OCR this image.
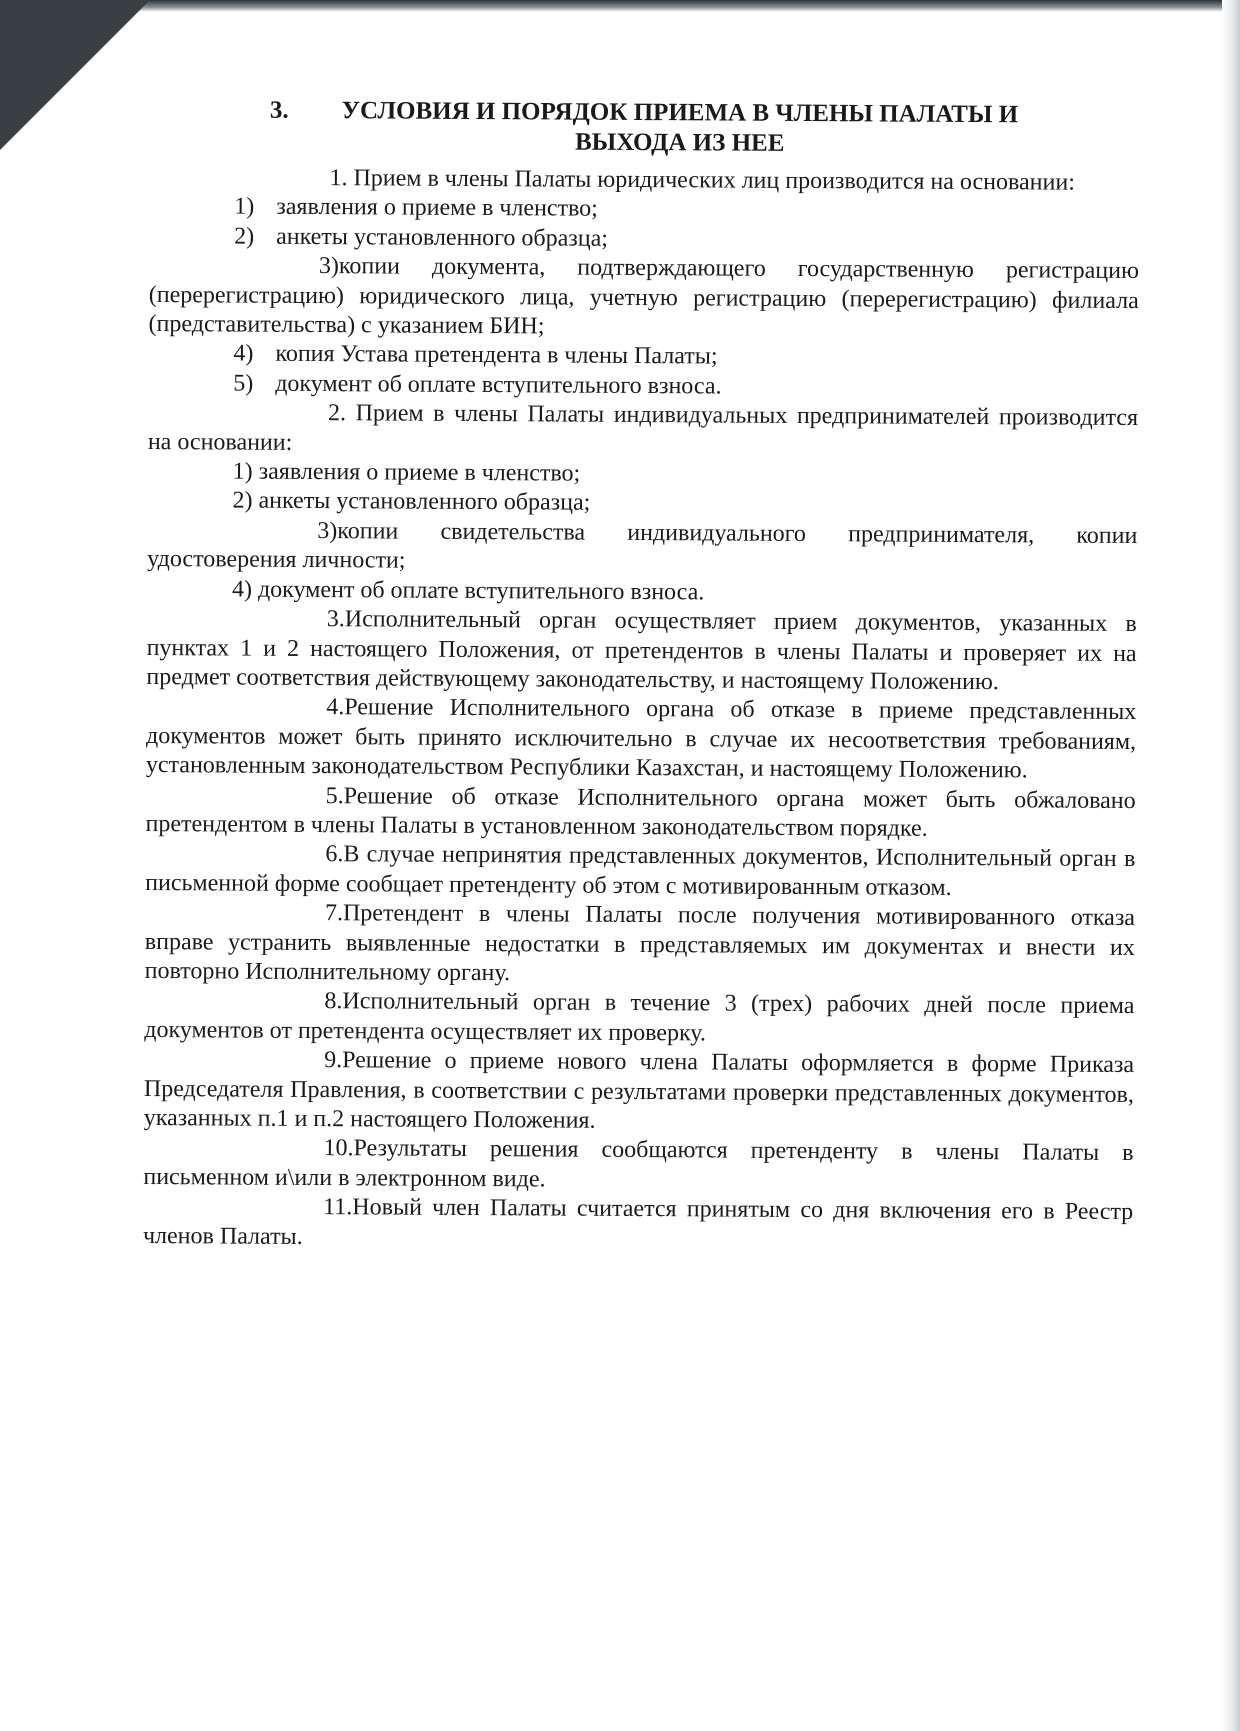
3.	УСЛОВИЯ И ПОРЯДОК ПРИЕМА В ЧЛЕНЫ ПАЛАТЫ И
ВЫХОДА ИЗ НЕЕ

1. Прием в члены Палаты юридических лиц производится на основании:

1) заявления о приеме в членство;

2) анкеты установленного образца;

3)копии документа, подтверждающего государственную регистрацию (перерегистрацию) юридического лица, учетную регистрацию (перерегистрацию) филиала (представительства) с указанием БИН;

4) копия Устава претендента в члены Палаты;

5) документ об оплате вступительного взноса.

2. Прием в члены Палаты индивидуальных предпринимателей производится на основании:

1) заявления о приеме в членство;

2) анкеты установленного образца;

3)копии свидетельства индивидуального предпринимателя, копии удостоверения личности;

4) документ об оплате вступительного взноса.

3.Исполнительный орган осуществляет прием документов, указанных в пунктах 1 и 2 настоящего Положения, от претендентов в члены Палаты и проверяет их на предмет соответствия действующему законодательству, и настоящему Положению.

4.Решение Исполнительного органа об отказе в приеме представленных документов может быть принято исключительно в случае их несоответствия требованиям, установленным законодательством Республики Казахстан, и настоящему Положению.

5.Решение об отказе Исполнительного органа может быть обжаловано претендентом в члены Палаты в установленном законодательством порядке.

6.В случае непринятия представленных документов, Исполнительный орган в письменной форме сообщает претенденту об этом с мотивированным отказом.

7.Претендент в члены Палаты после получения мотивированного отказа вправе устранить выявленные недостатки в представляемых им документах и внести их повторно Исполнительному органу.

8.Исполнительный орган в течение 3 (трех) рабочих дней после приема документов от претендента осуществляет их проверку.

9.Решение о приеме нового члена Палаты оформляется в форме Приказа Председателя Правления, в соответствии с результатами проверки представленных документов, указанных п.1 и п.2 настоящего Положения.

10.Результаты решения сообщаются претенденту в члены Палаты в письменном и\или в электронном виде.

11.Новый член Палаты считается принятым со дня включения его в Реестр членов Палаты.
